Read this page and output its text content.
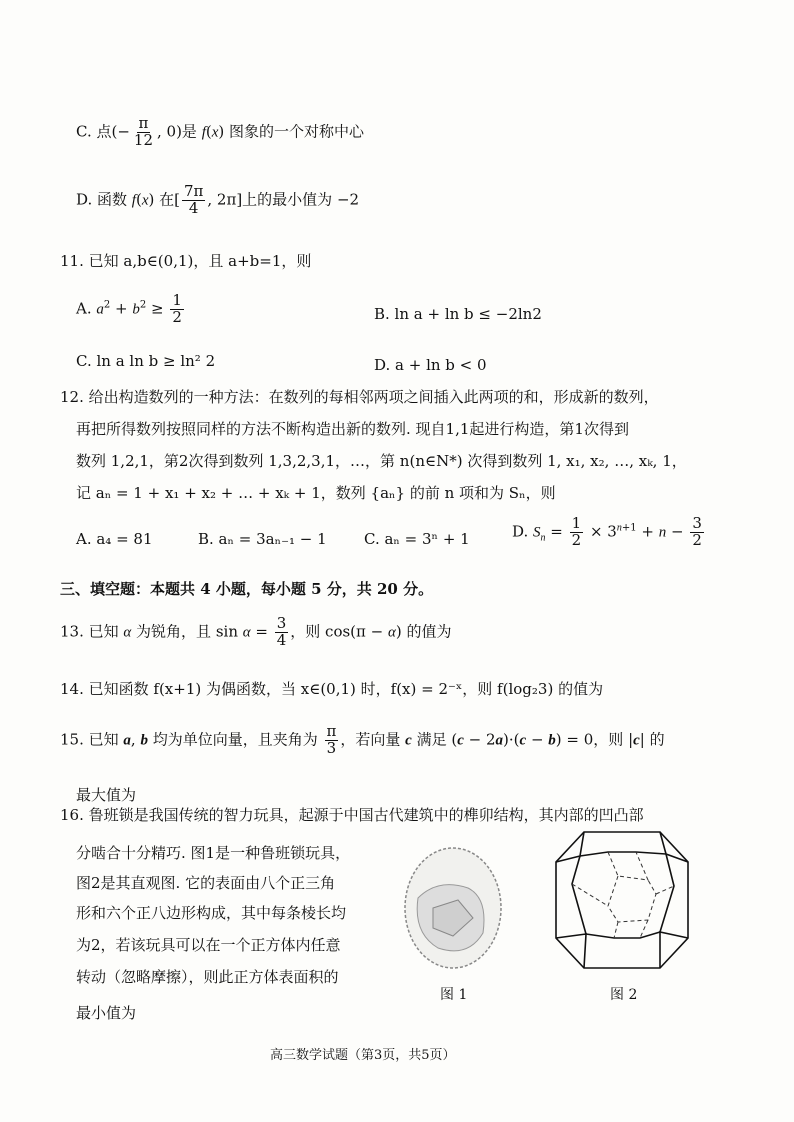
C. 点(− $\frac{\pi}{12}$ , 0)是 f(x) 图象的一个对称中心
D. 函数 f(x) 在[ $\frac{7\pi}{4}$ , 2π]上的最小值为 −2
11. 已知 a,b∈(0,1)，且 a+b=1，则
A. $a^2 + b^2 \ge \frac{1}{2}$	B. ln a + ln b ≤ −2ln2
C. ln a ln b ≥ ln² 2	D. a + ln b < 0
12. 给出构造数列的一种方法：在数列的每相邻两项之间插入此两项的和，形成新的数列，
再把所得数列按照同样的方法不断构造出新的数列. 现自1,1起进行构造，第1次得到
数列 1,2,1，第2次得到数列 1,3,2,3,1，…，第 n(n∈N*) 次得到数列 1, x₁, x₂, …, xₖ, 1，
记 aₙ = 1 + x₁ + x₂ + … + xₖ + 1，数列 {aₙ} 的前 n 项和为 Sₙ，则
A. a₄ = 81	B. aₙ = 3aₙ₋₁ − 1 C. aₙ = 3ⁿ + 1	D. $S_n = \frac{1}{2} \times 3^{n+1} + n - \frac{3}{2}$
三、填空题：本题共 4 小题，每小题 5 分，共 20 分。
13. 已知 α 为锐角，且 $\sin \alpha = \frac{3}{4}$ ，则 cos(π − α) 的值为
14. 已知函数 f(x+1) 为偶函数，当 x∈(0,1) 时，f(x) = 2⁻ˣ，则 f(log₂3) 的值为
15. 已知 a, b 均为单位向量，且夹角为 $\frac{\pi}{3}$ ，若向量 c 满足 (c − 2a)·(c − b) = 0，则 |c| 的
最大值为
16. 鲁班锁是我国传统的智力玩具，起源于中国古代建筑中的榫卯结构，其内部的凹凸部
分啮合十分精巧. 图1是一种鲁班锁玩具，
图2是其直观图. 它的表面由八个正三角
形和六个正八边形构成，其中每条棱长均
为2，若该玩具可以在一个正方体内任意
转动（忽略摩擦），则此正方体表面积的
最小值为
图 1	图 2
高三数学试题（第3页，共5页）
